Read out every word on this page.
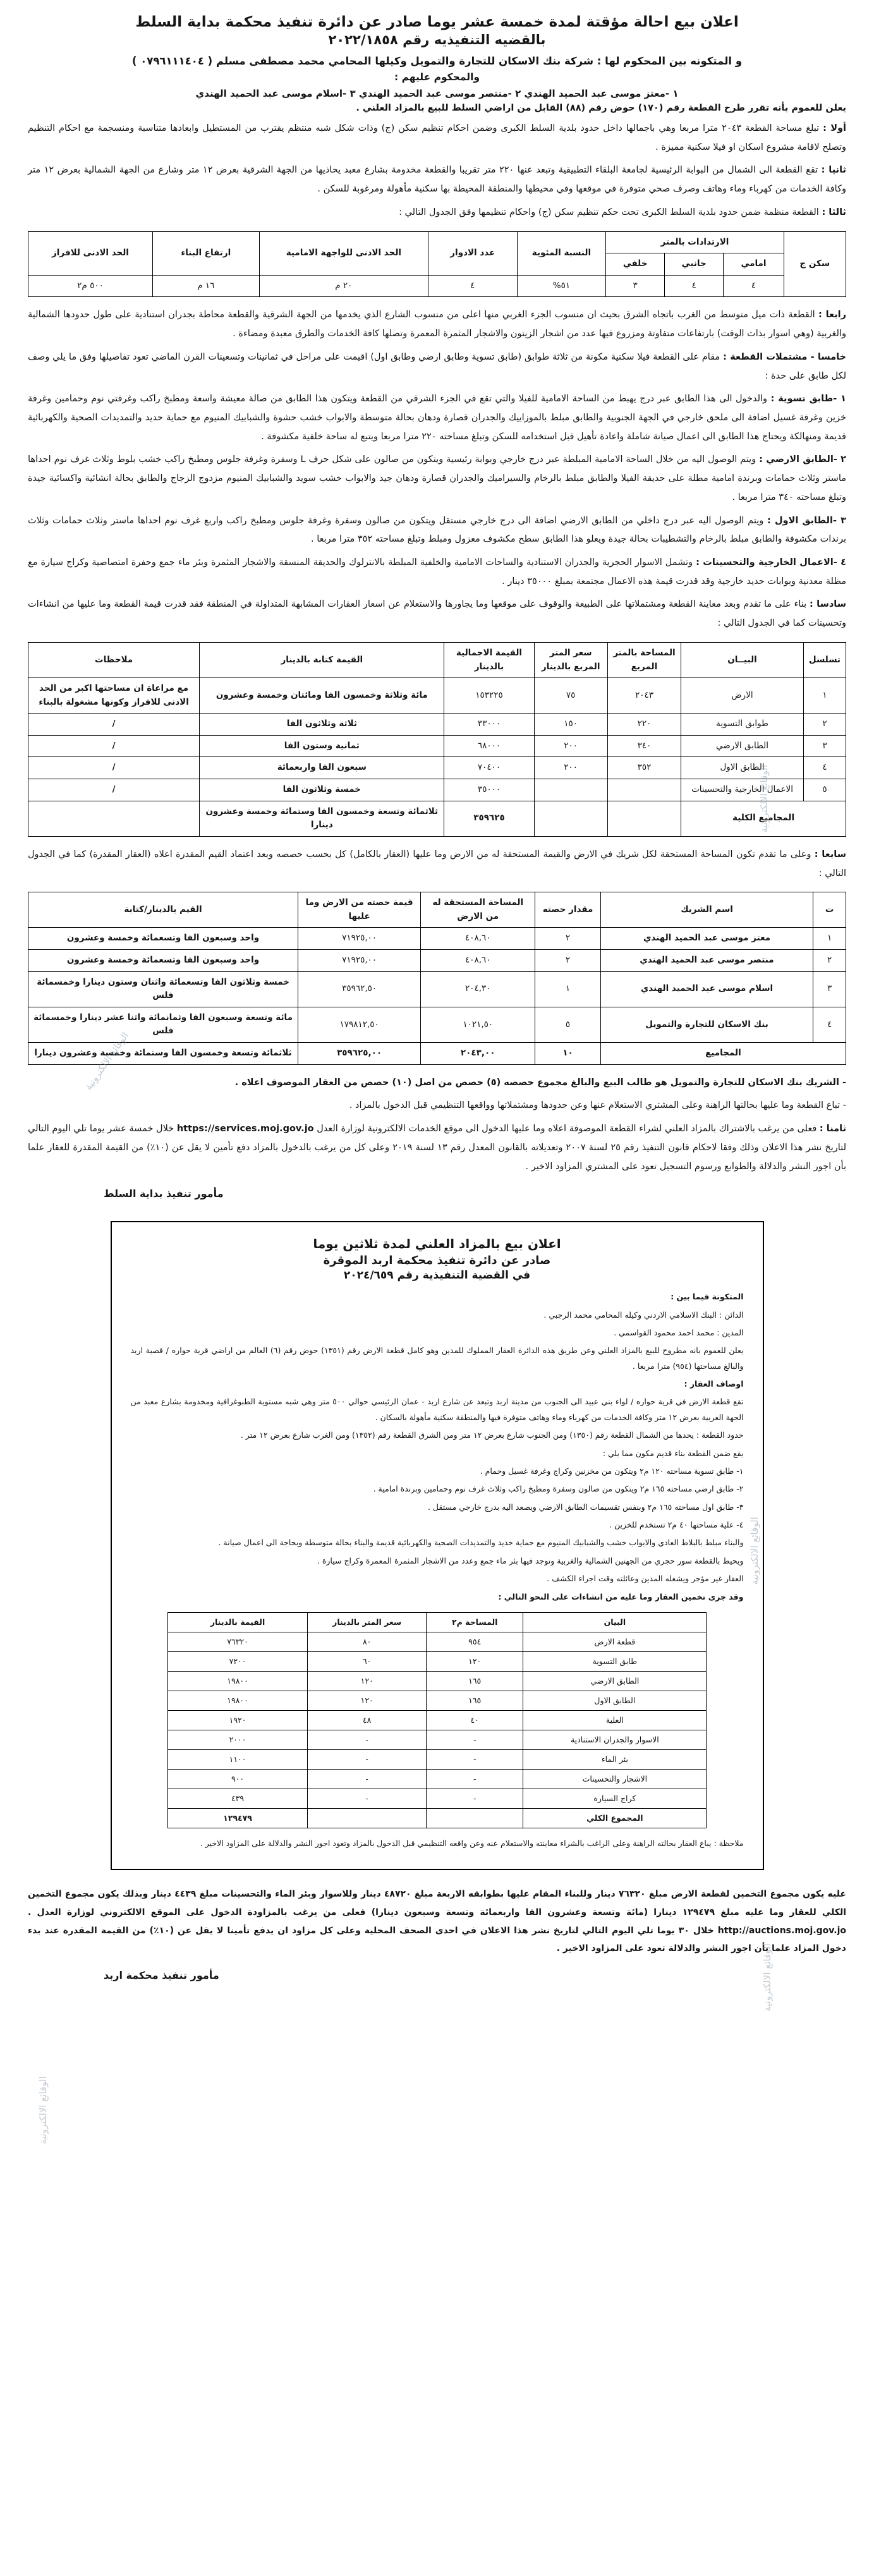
الوقائع الالكترونية
الوقائع الالكترونية
الوقائع الالكترونية
الوقائع الالكترونية
الوقائع الالكترونية
اعلان بيع احالة مؤقتة لمدة خمسة عشر يوما صادر عن دائرة تنفيذ محكمة بداية السلط
بالقضيه التنفيذيه رقم ٢٠٢٢/١٨٥٨

و المتكونه بين المحكوم لها : شركة بنك الاسكان للتجارة والتمويل وكيلها المحامي محمد مصطفى مسلم ( ٠٧٩٦١١١٤٠٤ )

والمحكوم عليهم :

١ -معتز موسى عبد الحميد الهندي ٢ -منتصر موسى عبد الحميد الهندي ٣ -اسلام موسى عبد الحميد الهندي

يعلن للعموم بأنه تقرر طرح القطعة رقم (١٧٠) حوض رقم (٨٨) القابل من اراضي السلط للبيع بالمزاد العلني .

أولا : تبلغ مساحة القطعة ٢٠٤٣ مترا مربعا وهي باجمالها داخل حدود بلدية السلط الكبرى وضمن احكام تنظيم سكن (ج) وذات شكل شبه منتظم يقترب من المستطيل وابعادها متناسبة ومنسجمة مع احكام التنظيم وتصلح لاقامة مشروع اسكان او فيلا سكنية مميزة .

ثانيا : تقع القطعة الى الشمال من البوابة الرئيسية لجامعة البلقاء التطبيقية وتبعد عنها ٢٢٠ متر تقريبا والقطعة مخدومة بشارع معبد يحاذيها من الجهة الشرقية بعرض ١٢ متر وشارع من الجهة الشمالية بعرض ١٢ متر وكافة الخدمات من كهرباء وماء وهاتف وصرف صحي متوفرة في موقعها وفي محيطها والمنطقة المحيطة بها سكنية مأهولة ومرغوبة للسكن .

ثالثا : القطعة منظمة ضمن حدود بلدية السلط الكبرى تحت حكم تنظيم سكن (ج) واحكام تنظيمها وفق الجدول التالي :

سكن ج	الارتدادات بالمتر			النسبة المئوية	عدد الادوار	الحد الادنى للواجهة الامامية	ارتفاع البناء	الحد الادنى للافراز
	امامي	جانبي	خلفي					
	٤	٤	٣	٥١%	٤	٢٠ م	١٦ م	٥٠٠ م٢

رابعا : القطعة ذات ميل متوسط من الغرب باتجاه الشرق بحيث ان منسوب الجزء الغربي منها اعلى من منسوب الشارع الذي يخدمها من الجهة الشرقية والقطعة محاطة بجدران استنادية على طول حدودها الشمالية والغربية (وهي اسوار بذات الوقت) بارتفاعات متفاوتة ومزروع فيها عدد من اشجار الزيتون والاشجار المثمرة المعمرة وتصلها كافة الخدمات والطرق معبدة ومضاءة .

خامسا - مشتملات القطعة : مقام على القطعة فيلا سكنية مكونة من ثلاثة طوابق (طابق تسوية وطابق ارضي وطابق اول) اقيمت على مراحل في ثمانينات وتسعينات القرن الماضي تعود تفاصيلها وفق ما يلي وصف لكل طابق على حدة :

١ -طابق تسوية : والدخول الى هذا الطابق عبر درج يهبط من الساحة الامامية للفيلا والتي تقع في الجزء الشرقي من القطعة ويتكون هذا الطابق من صالة معيشة واسعة ومطبخ راكب وغرفتي نوم وحمامين وغرفة خزين وغرفة غسيل اضافة الى ملحق خارجي في الجهة الجنوبية والطابق مبلط بالموزاييك والجدران قصارة ودهان بحالة متوسطة والابواب خشب حشوة والشبابيك المنيوم مع حماية حديد والتمديدات الصحية والكهربائية قديمة ومنهالكة ويحتاج هذا الطابق الى اعمال صيانة شاملة واعادة تأهيل قبل استخدامه للسكن وتبلغ مساحته ٢٢٠ مترا مربعا ويتبع له ساحة خلفية مكشوفة .

٢ -الطابق الارضي : ويتم الوصول اليه من خلال الساحة الامامية المبلطة عبر درج خارجي وبوابة رئيسية ويتكون من صالون على شكل حرف L وسفرة وغرفة جلوس ومطبخ راكب خشب بلوط وثلاث غرف نوم احداها ماستر وثلاث حمامات وبرندة امامية مطلة على حديقة الفيلا والطابق مبلط بالرخام والسيراميك والجدران قصارة ودهان جيد والابواب خشب سويد والشبابيك المنيوم مزدوج الزجاج والطابق بحالة انشائية واكسائية جيدة وتبلغ مساحته ٣٤٠ مترا مربعا .

٣ -الطابق الاول : ويتم الوصول اليه عبر درج داخلي من الطابق الارضي اضافة الى درج خارجي مستقل ويتكون من صالون وسفرة وغرفة جلوس ومطبخ راكب واربع غرف نوم احداها ماستر وثلاث حمامات وثلاث برندات مكشوفة والطابق مبلط بالرخام والتشطيبات بحالة جيدة ويعلو هذا الطابق سطح مكشوف معزول ومبلط وتبلغ مساحته ٣٥٢ مترا مربعا .

٤ -الاعمال الخارجية والتحسينات : وتشمل الاسوار الحجرية والجدران الاستنادية والساحات الامامية والخلفية المبلطة بالانترلوك والحديقة المنسقة والاشجار المثمرة وبئر ماء جمع وحفرة امتصاصية وكراج سيارة مع مظلة معدنية وبوابات حديد خارجية وقد قدرت قيمة هذه الاعمال مجتمعة بمبلغ ٣٥٠٠٠ دينار .

سادسا : بناء على ما تقدم وبعد معاينة القطعة ومشتملاتها على الطبيعة والوقوف على موقعها وما يجاورها والاستعلام عن اسعار العقارات المشابهة المتداولة في المنطقة فقد قدرت قيمة القطعة وما عليها من انشاءات وتحسينات كما في الجدول التالي :

تسلسل	البيــان	المساحة بالمتر المربع	سعر المتر المربع بالدينار	القيمة الاجمالية بالدينار	القيمة كتابة بالدينار	ملاحظات
١	الارض	٢٠٤٣	٧٥	١٥٣٢٢٥	مائة وثلاثة وخمسون الفا ومائتان وخمسة وعشرون	مع مراعاة ان مساحتها اكبر من الحد الادنى للافراز وكونها مشغولة بالبناء
٢	طوابق التسوية	٢٢٠	١٥٠	٣٣٠٠٠	ثلاثة وثلاثون الفا	/
٣	الطابق الارضي	٣٤٠	٢٠٠	٦٨٠٠٠	ثمانية وستون الفا	/
٤	الطابق الاول	٣٥٢	٢٠٠	٧٠٤٠٠	سبعون الفا واربعمائة	/
٥	الاعمال الخارجية والتحسينات			٣٥٠٠٠	خمسة وثلاثون الفا	/
المجاميع الكلية				٣٥٩٦٢٥	ثلاثمائة وتسعة وخمسون الفا وستمائة وخمسة وعشرون دينارا	

سابعا : وعلى ما تقدم تكون المساحة المستحقة لكل شريك في الارض والقيمة المستحقة له من الارض وما عليها (العقار بالكامل) كل بحسب حصصه وبعد اعتماد القيم المقدرة اعلاه (العقار المقدرة) كما في الجدول التالي :

ت	اسم الشريك	مقدار حصته	المساحة المستحقة له من الارض	قيمة حصته من الارض وما عليها	القيم بالدينار/كتابة
١	معتز موسى عبد الحميد الهندي	٢	٤٠٨,٦٠	٧١٩٢٥,٠٠	واحد وسبعون الفا وتسعمائة وخمسة وعشرون
٢	منتصر موسى عبد الحميد الهندي	٢	٤٠٨,٦٠	٧١٩٢٥,٠٠	واحد وسبعون الفا وتسعمائة وخمسة وعشرون
٣	اسلام موسى عبد الحميد الهندي	١	٢٠٤,٣٠	٣٥٩٦٢,٥٠	خمسة وثلاثون الفا وتسعمائة واثنان وستون دينارا وخمسمائة فلس
٤	بنك الاسكان للتجارة والتمويل	٥	١٠٢١,٥٠	١٧٩٨١٢,٥٠	مائة وتسعة وسبعون الفا وثمانمائة واثنا عشر دينارا وخمسمائة فلس
المجاميع		١٠	٢٠٤٣,٠٠	٣٥٩٦٢٥,٠٠	ثلاثمائة وتسعة وخمسون الفا وستمائة وخمسة وعشرون دينارا

- الشريك بنك الاسكان للتجارة والتمويل هو طالب البيع والبالغ مجموع حصصه (٥) حصص من اصل (١٠) حصص من العقار الموصوف اعلاه .

- تباع القطعة وما عليها بحالتها الراهنة وعلى المشتري الاستعلام عنها وعن حدودها ومشتملاتها وواقعها التنظيمي قبل الدخول بالمزاد .

ثامنا : فعلى من يرغب بالاشتراك بالمزاد العلني لشراء القطعة الموصوفة اعلاه وما عليها الدخول الى موقع الخدمات الالكترونية لوزارة العدل https://services.moj.gov.jo خلال خمسة عشر يوما تلي اليوم التالي لتاريخ نشر هذا الاعلان وذلك وفقا لاحكام قانون التنفيذ رقم ٢٥ لسنة ٢٠٠٧ وتعديلاته بالقانون المعدل رقم ١٣ لسنة ٢٠١٩ وعلى كل من يرغب بالدخول بالمزاد دفع تأمين لا يقل عن (١٠٪) من القيمة المقدرة للعقار علما بأن اجور النشر والدلالة والطوابع ورسوم التسجيل تعود على المشتري المزاود الاخير .

مأمور تنفيذ بداية السلط

اعلان بيع بالمزاد العلني لمدة ثلاثين يوما
صادر عن دائرة تنفيذ محكمة اربد الموقرة
في القضية التنفيذية رقم ٢٠٢٤/٦٥٩

المتكونة فيما بين :

الدائن : البنك الاسلامي الاردني وكيله المحامي محمد الرجبي .

المدين : محمد احمد محمود القواسمي .

يعلن للعموم بانه مطروح للبيع بالمزاد العلني وعن طريق هذه الدائرة العقار المملوك للمدين وهو كامل قطعة الارض رقم (١٣٥١) حوض رقم (٦) العالم من اراضي قرية حواره / قصبة اربد والبالغ مساحتها (٩٥٤) مترا مربعا .

اوصاف العقار :

تقع قطعة الارض في قرية حواره / لواء بني عبيد الى الجنوب من مدينة اربد وتبعد عن شارع اربد - عمان الرئيسي حوالي ٥٠٠ متر وهي شبه مستوية الطبوغرافية ومخدومة بشارع معبد من الجهة الغربية بعرض ١٢ متر وكافة الخدمات من كهرباء وماء وهاتف متوفرة فيها والمنطقة سكنية مأهولة بالسكان .

حدود القطعة : يحدها من الشمال القطعة رقم (١٣٥٠) ومن الجنوب شارع بعرض ١٢ متر ومن الشرق القطعة رقم (١٣٥٢) ومن الغرب شارع بعرض ١٢ متر .

يقع ضمن القطعة بناء قديم مكون مما يلي :

١- طابق تسوية مساحته ١٢٠ م٢ ويتكون من مخزنين وكراج وغرفة غسيل وحمام .

٢- طابق ارضي مساحته ١٦٥ م٢ ويتكون من صالون وسفرة ومطبخ راكب وثلاث غرف نوم وحمامين وبرندة امامية .

٣- طابق اول مساحته ١٦٥ م٢ وبنفس تقسيمات الطابق الارضي ويصعد اليه بدرج خارجي مستقل .

٤- علية مساحتها ٤٠ م٢ تستخدم للخزين .

والبناء مبلط بالبلاط العادي والابواب خشب والشبابيك المنيوم مع حماية حديد والتمديدات الصحية والكهربائية قديمة والبناء بحالة متوسطة وبحاجة الى اعمال صيانة .

ويحيط بالقطعة سور حجري من الجهتين الشمالية والغربية وتوجد فيها بئر ماء جمع وعدد من الاشجار المثمرة المعمرة وكراج سيارة .

العقار غير مؤجر ويشغله المدين وعائلته وقت اجراء الكشف .

وقد جرى تخمين العقار وما عليه من انشاءات على النحو التالي :

البيان	المساحة م٢	سعر المتر بالدينار	القيمة بالدينار
قطعة الارض	٩٥٤	٨٠	٧٦٣٢٠
طابق التسوية	١٢٠	٦٠	٧٢٠٠
الطابق الارضي	١٦٥	١٢٠	١٩٨٠٠
الطابق الاول	١٦٥	١٢٠	١٩٨٠٠
العلية	٤٠	٤٨	١٩٢٠
الاسوار والجدران الاستنادية	-	-	٢٠٠٠
بئر الماء	-	-	١١٠٠
الاشجار والتحسينات	-	-	٩٠٠
كراج السيارة	-	-	٤٣٩
المجموع الكلي			١٢٩٤٧٩

ملاحظة : يباع العقار بحالته الراهنة وعلى الراغب بالشراء معاينته والاستعلام عنه وعن واقعه التنظيمي قبل الدخول بالمزاد وتعود اجور النشر والدلالة على المزاود الاخير .

عليه يكون مجموع التخمين لقطعة الارض مبلغ ٧٦٣٢٠ دينار وللبناء المقام عليها بطوابقه الاربعة مبلغ ٤٨٧٢٠ دينار وللاسوار وبئر الماء والتحسينات مبلغ ٤٤٣٩ دينار وبذلك يكون مجموع التخمين الكلي للعقار وما عليه مبلغ ١٢٩٤٧٩ دينارا (مائة وتسعة وعشرون الفا واربعمائة وتسعة وسبعون دينارا) فعلى من يرغب بالمزاودة الدخول على الموقع الالكتروني لوزارة العدل . http://auctions.moj.gov.jo خلال ٣٠ يوما تلي اليوم التالي لتاريخ نشر هذا الاعلان في احدى الصحف المحلية وعلى كل مزاود ان يدفع تأمينا لا يقل عن (١٠٪) من القيمة المقدرة عند بدء دخول المزاد علما بأن اجور النشر والدلالة تعود على المزاود الاخير .

مأمور تنفيذ محكمة اربد
